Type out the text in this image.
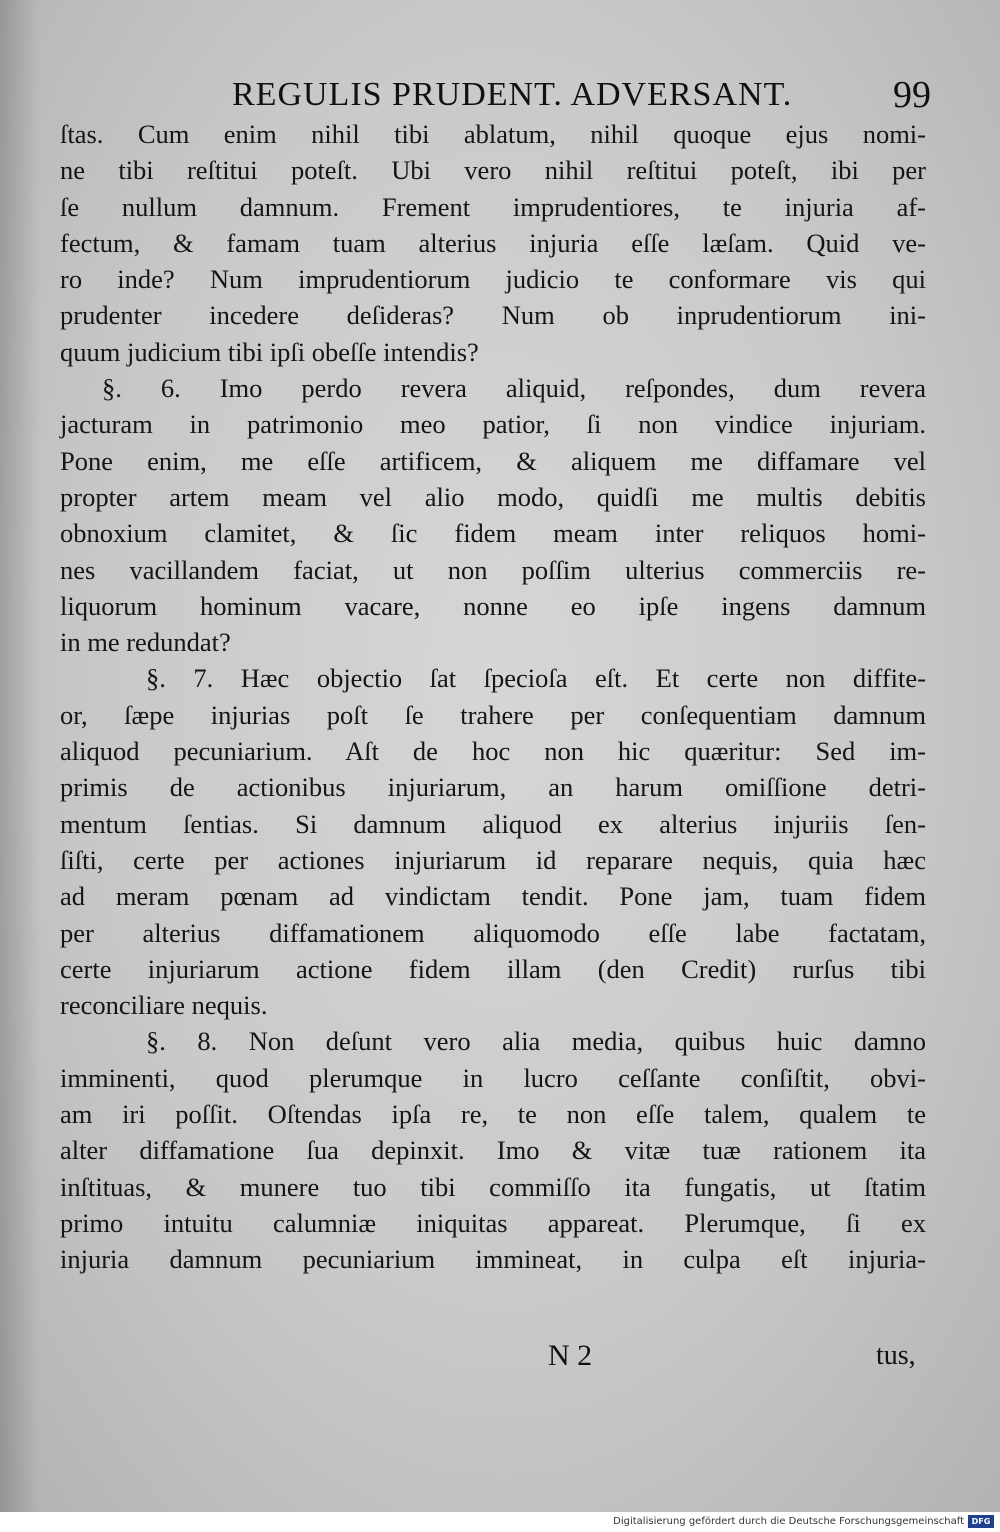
REGULIS PRUDENT. ADVERSANT.	99
ſtas. Cum enim nihil tibi ablatum, nihil quoque ejus nomi-
ne tibi reſtitui poteſt. Ubi vero nihil reſtitui poteſt, ibi per
ſe nullum damnum. Frement imprudentiores, te injuria af-
fectum, & famam tuam alterius injuria eſſe læſam. Quid ve-
ro inde? Num imprudentiorum judicio te conformare vis qui
prudenter incedere deſideras? Num ob inprudentiorum ini-
quum judicium tibi ipſi obeſſe intendis?
§. 6. Imo perdo revera aliquid, reſpondes, dum revera
jacturam in patrimonio meo patior, ſi non vindice injuriam.
Pone enim, me eſſe artificem, & aliquem me diffamare vel
propter artem meam vel alio modo, quidſi me multis debitis
obnoxium clamitet, & ſic fidem meam inter reliquos homi-
nes vacillandem faciat, ut non poſſim ulterius commerciis re-
liquorum hominum vacare, nonne eo ipſe ingens damnum
in me redundat?
§. 7. Hæc objectio ſat ſpecioſa eſt. Et certe non diffite-
or, ſæpe injurias poſt ſe trahere per conſequentiam damnum
aliquod pecuniarium. Aſt de hoc non hic quæritur: Sed im-
primis de actionibus injuriarum, an harum omiſſione detri-
mentum ſentias. Si damnum aliquod ex alterius injuriis ſen-
ſiſti, certe per actiones injuriarum id reparare nequis, quia hæc
ad meram pœnam ad vindictam tendit. Pone jam, tuam fidem
per alterius diffamationem aliquomodo eſſe labe factatam,
certe injuriarum actione fidem illam (den Credit) rurſus tibi
reconciliare nequis.
§. 8. Non deſunt vero alia media, quibus huic damno
imminenti, quod plerumque in lucro ceſſante conſiſtit, obvi-
am iri poſſit. Oſtendas ipſa re, te non eſſe talem, qualem te
alter diffamatione ſua depinxit. Imo & vitæ tuæ rationem ita
inſtituas, & munere tuo tibi commiſſo ita fungatis, ut ſtatim
primo intuitu calumniæ iniquitas appareat. Plerumque, ſi ex
injuria damnum pecuniarium immineat, in culpa eſt injuria-
N 2	tus,
Digitalisierung gefördert durch die Deutsche Forschungsgemeinschaft DFG
